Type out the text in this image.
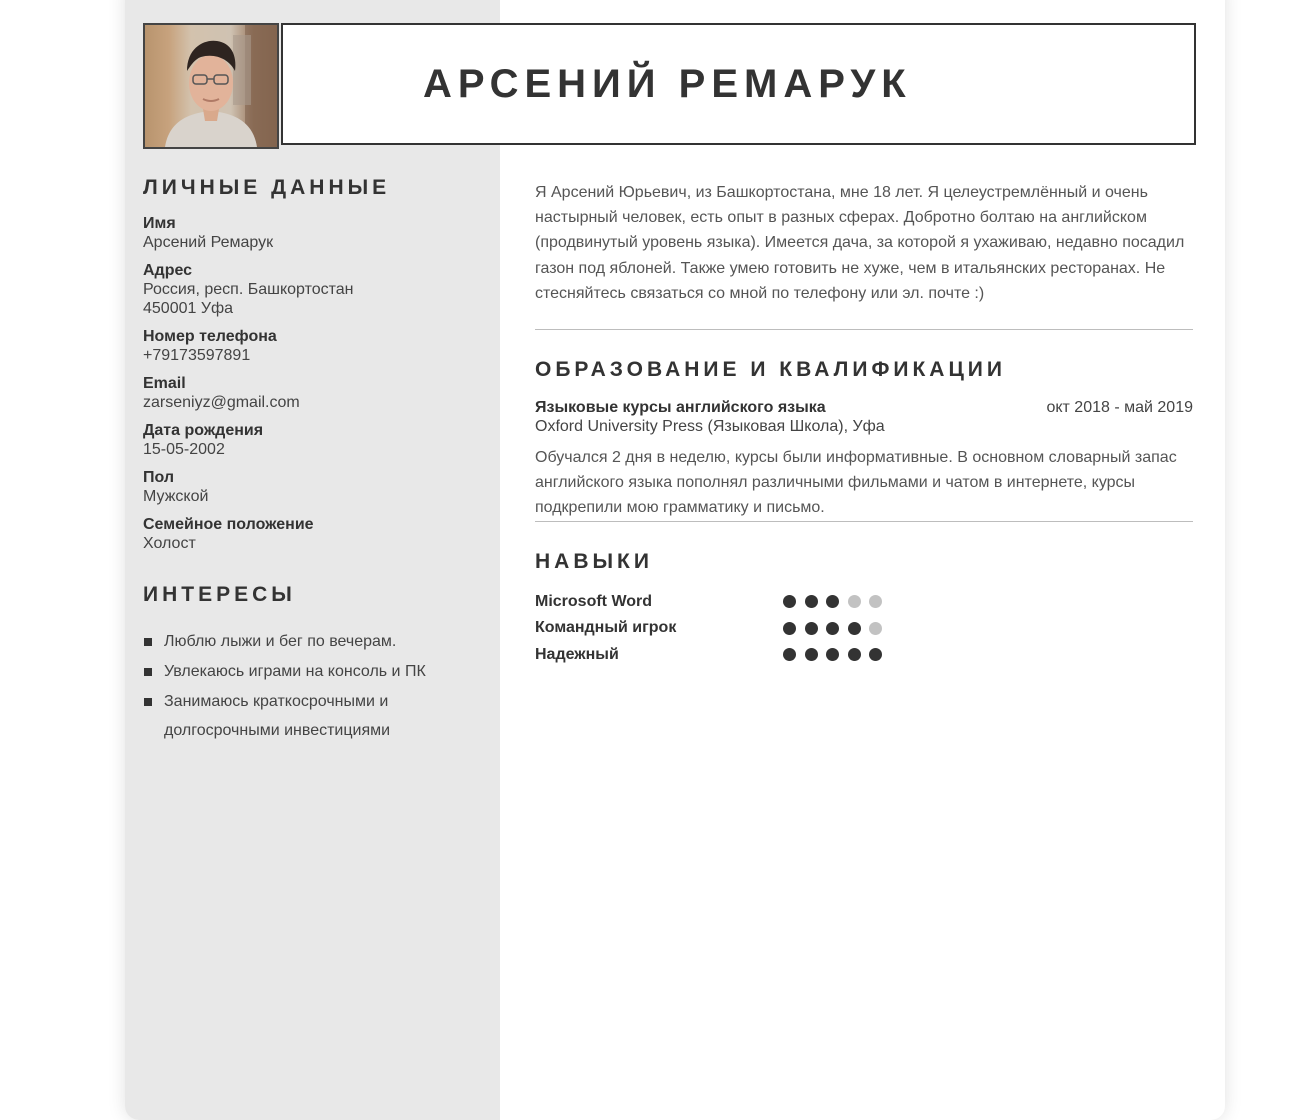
АРСЕНИЙ РЕМАРУК
ЛИЧНЫЕ ДАННЫЕ
Имя
Арсений Ремарук
Адрес
Россия, респ. Башкортостан
450001 Уфа
Номер телефона
+79173597891
Email
zarseniyz@gmail.com
Дата рождения
15-05-2002
Пол
Мужской
Семейное положение
Холост
ИНТЕРЕСЫ
Люблю лыжи и бег по вечерам.
Увлекаюсь играми на консоль и ПК
Занимаюсь краткосрочными и долгосрочными инвестициями

Я Арсений Юрьевич, из Башкортостана, мне 18 лет. Я целеустремлённый и очень настырный человек, есть опыт в разных сферах. Добротно болтаю на английском (продвинутый уровень языка). Имеется дача, за которой я ухаживаю, недавно посадил газон под яблоней. Также умею готовить не хуже, чем в итальянских ресторанах. Не стесняйтесь связаться со мной по телефону или эл. почте :)

ОБРАЗОВАНИЕ И КВАЛИФИКАЦИИ
Языковые курсы английского языка	окт 2018 - май 2019
Oxford University Press (Языковая Школа), Уфа

Обучался 2 дня в неделю, курсы были информативные. В основном словарный запас английского языка пополнял различными фильмами и чатом в интернете, курсы подкрепили мою грамматику и письмо.

НАВЫКИ
Microsoft Word
Командный игрок
Надежный
